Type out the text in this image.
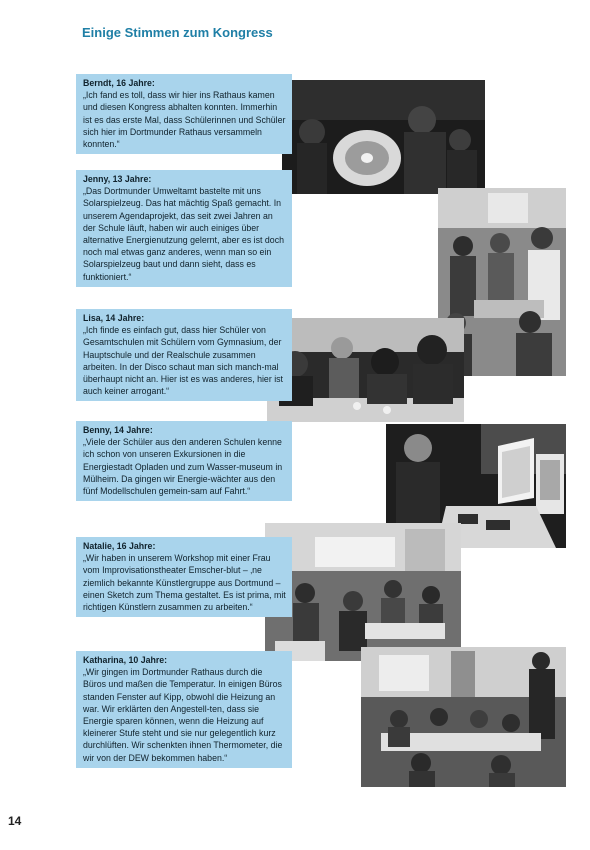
Einige Stimmen zum Kongress
Berndt, 16 Jahre:
„Ich fand es toll, dass wir hier ins Rathaus kamen und diesen Kongress abhalten konnten. Immerhin ist es das erste Mal, dass Schülerinnen und Schüler sich hier im Dortmunder Rathaus versammeln konnten.“
Jenny, 13 Jahre:
„Das Dortmunder Umweltamt bastelte mit uns Solarspielzeug. Das hat mächtig Spaß gemacht. In unserem Agendaprojekt, das seit zwei Jahren an der Schule läuft, haben wir auch einiges über alternative Energienutzung gelernt, aber es ist doch noch mal etwas ganz anderes, wenn man so ein Solarspielzeug baut und dann sieht, dass es funktioniert.“
Lisa, 14 Jahre:
„Ich finde es einfach gut, dass hier Schüler von Gesamtschulen mit Schülern vom Gymnasium, der Hauptschule und der Realschule zusammen arbeiten. In der Disco schaut man sich manch-mal überhaupt nicht an. Hier ist es was anderes, hier ist auch keiner arrogant.“
Benny, 14 Jahre:
„Viele der Schüler aus den anderen Schulen kenne ich schon von unseren Exkursionen in die Energiestadt Opladen und zum Wasser-museum in Mülheim. Da gingen wir Energie-wächter aus den fünf Modellschulen gemein-sam auf Fahrt.“
Natalie, 16 Jahre:
„Wir haben in unserem Workshop mit einer Frau vom Improvisationstheater Emscher-blut – ‚ne ziemlich bekannte Künstlergruppe aus Dortmund – einen Sketch zum Thema gestaltet. Es ist prima, mit richtigen Künstlern zusammen zu arbeiten.“
Katharina, 10 Jahre:
„Wir gingen im Dortmunder Rathaus durch die Büros und maßen die Temperatur. In einigen Büros standen Fenster auf Kipp, obwohl die Heizung an war. Wir erklärten den Angestell-ten, dass sie Energie sparen können, wenn die Heizung auf kleinerer Stufe steht und sie nur gelegentlich kurz durchlüften. Wir schenkten ihnen Thermometer, die wir von der DEW bekommen haben.“
14
